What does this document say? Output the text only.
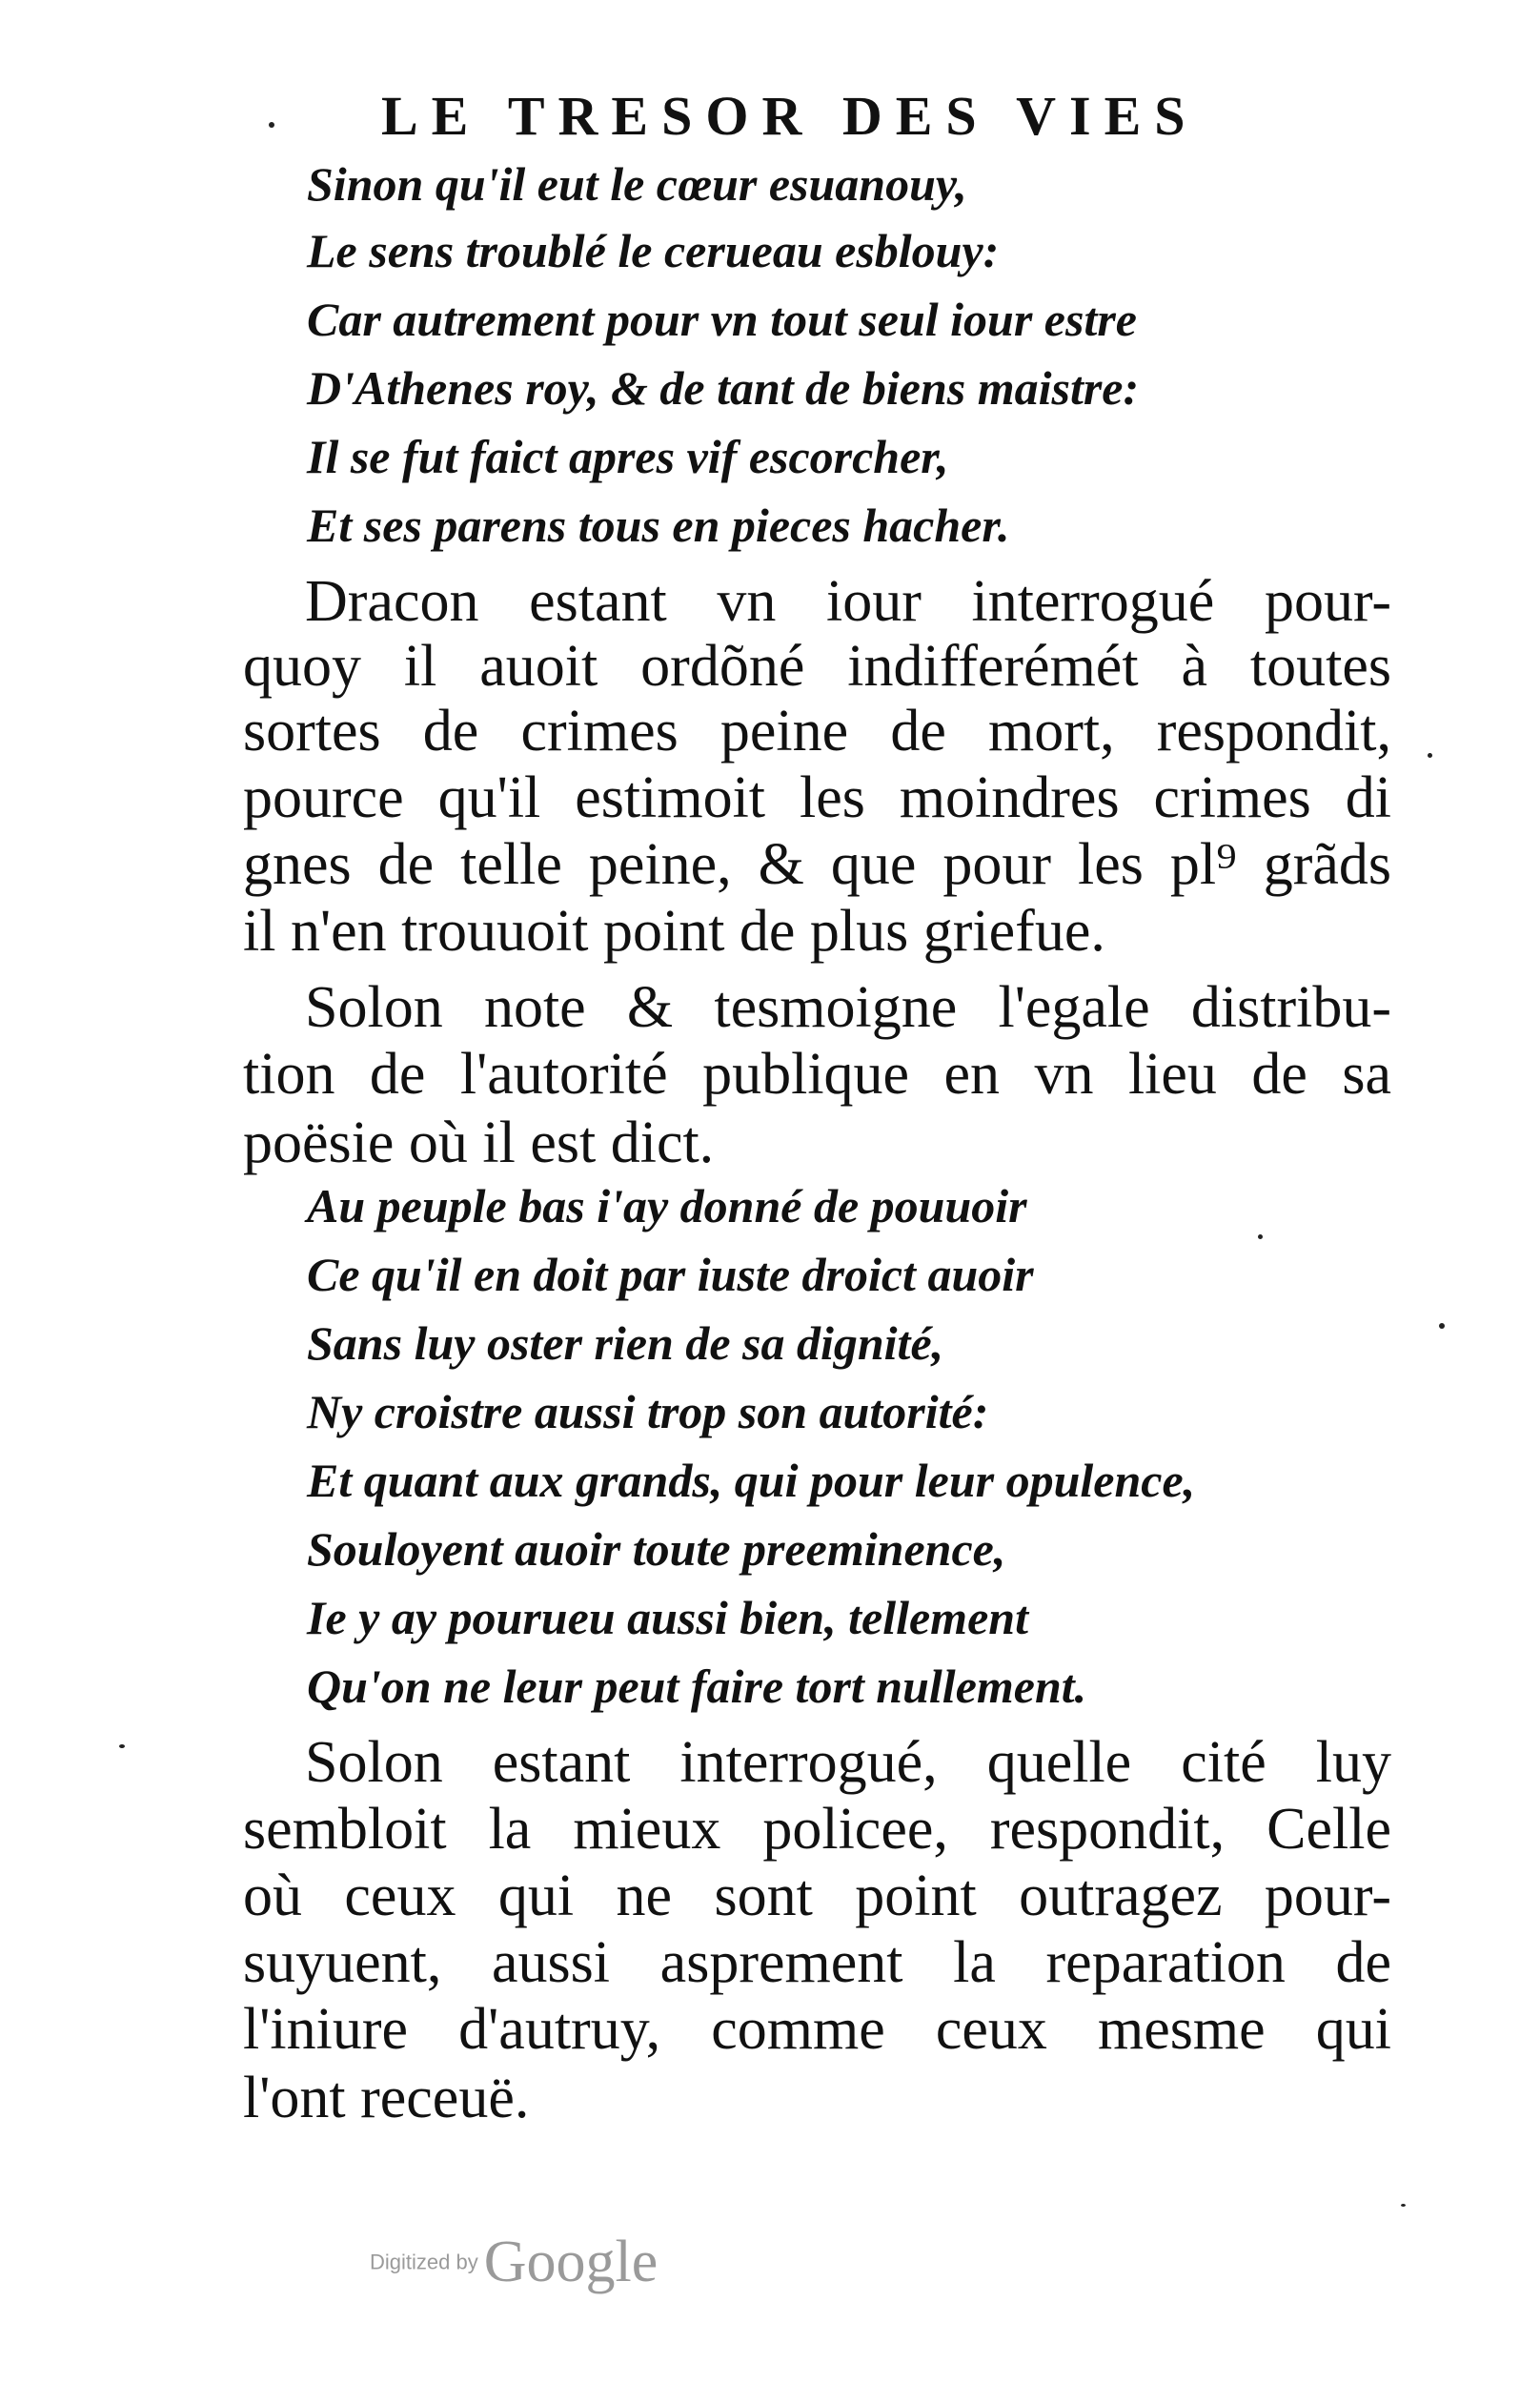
LE TRESOR DES VIES
Sinon qu'il eut le cœur esuanouy,
Le sens troublé le cerueau esblouy:
Car autrement pour vn tout seul iour estre
D'Athenes roy, & de tant de biens maistre:
Il se fut faict apres vif escorcher,
Et ses parens tous en pieces hacher.
Dracon estant vn iour interrogué pour-
quoy il auoit ordõné indifferémét à toutes
sortes de crimes peine de mort, respondit,
pource qu'il estimoit les moindres crimes di
gnes de telle peine, & que pour les pl⁹ grãds
il n'en trouuoit point de plus griefue.
Solon note & tesmoigne l'egale distribu-
tion de l'autorité publique en vn lieu de sa
poësie où il est dict.
Au peuple bas i'ay donné de pouuoir
Ce qu'il en doit par iuste droict auoir
Sans luy oster rien de sa dignité,
Ny croistre aussi trop son autorité:
Et quant aux grands, qui pour leur opulence,
Souloyent auoir toute preeminence,
Ie y ay pourueu aussi bien, tellement
Qu'on ne leur peut faire tort nullement.
Solon estant interrogué, quelle cité luy
sembloit la mieux policee, respondit, Celle
où ceux qui ne sont point outragez pour-
suyuent, aussi asprement la reparation de
l'iniure d'autruy, comme ceux mesme qui
l'ont receuë.
Digitized byGoogle
